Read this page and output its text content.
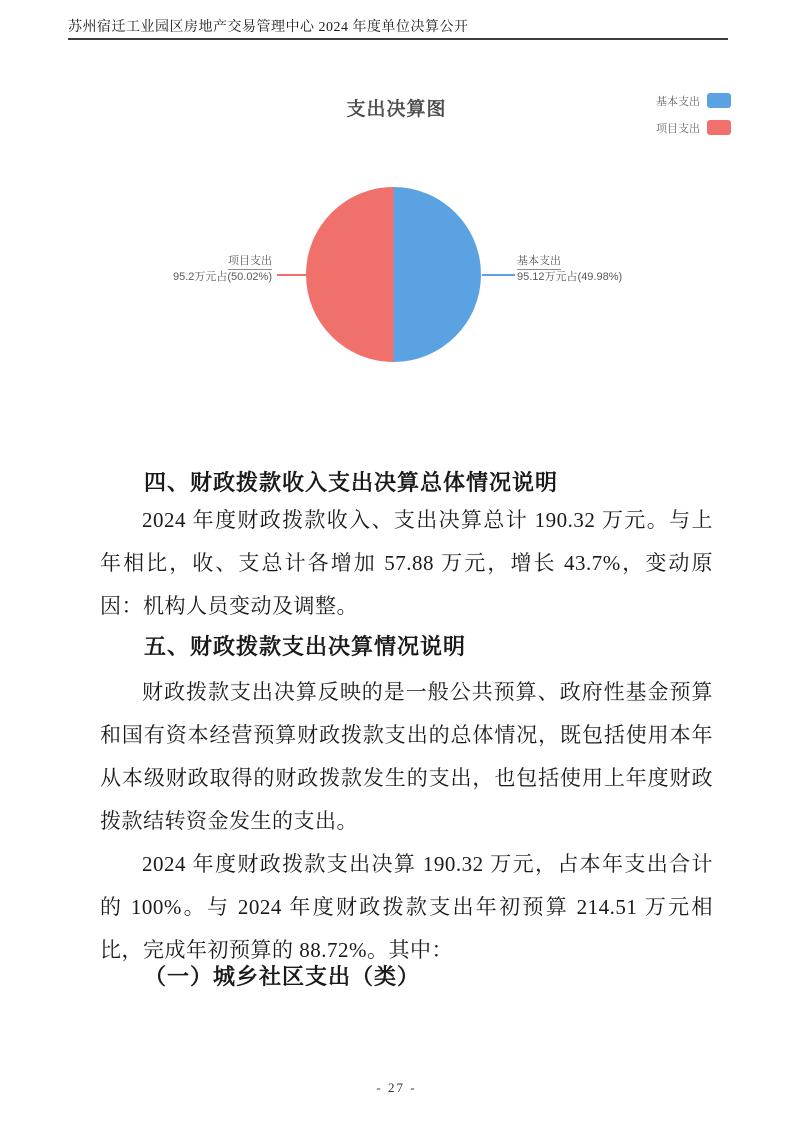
苏州宿迁工业园区房地产交易管理中心 2024 年度单位决算公开
支出决算图	基本支出
项目支出
项目支出
95.2万元占(50.02%)
基本支出
95.12万元占(49.98%)
四、财政拨款收入支出决算总体情况说明
2024 年度财政拨款收入、支出决算总计 190.32 万元。与上年相比，收、支总计各增加 57.88 万元，增长 43.7%，变动原因：机构人员变动及调整。
五、财政拨款支出决算情况说明
财政拨款支出决算反映的是一般公共预算、政府性基金预算和国有资本经营预算财政拨款支出的总体情况，既包括使用本年从本级财政取得的财政拨款发生的支出，也包括使用上年度财政拨款结转资金发生的支出。
2024 年度财政拨款支出决算 190.32 万元，占本年支出合计的 100%。与 2024 年度财政拨款支出年初预算 214.51 万元相比，完成年初预算的 88.72%。其中：
（一）城乡社区支出（类）
- 27 -
